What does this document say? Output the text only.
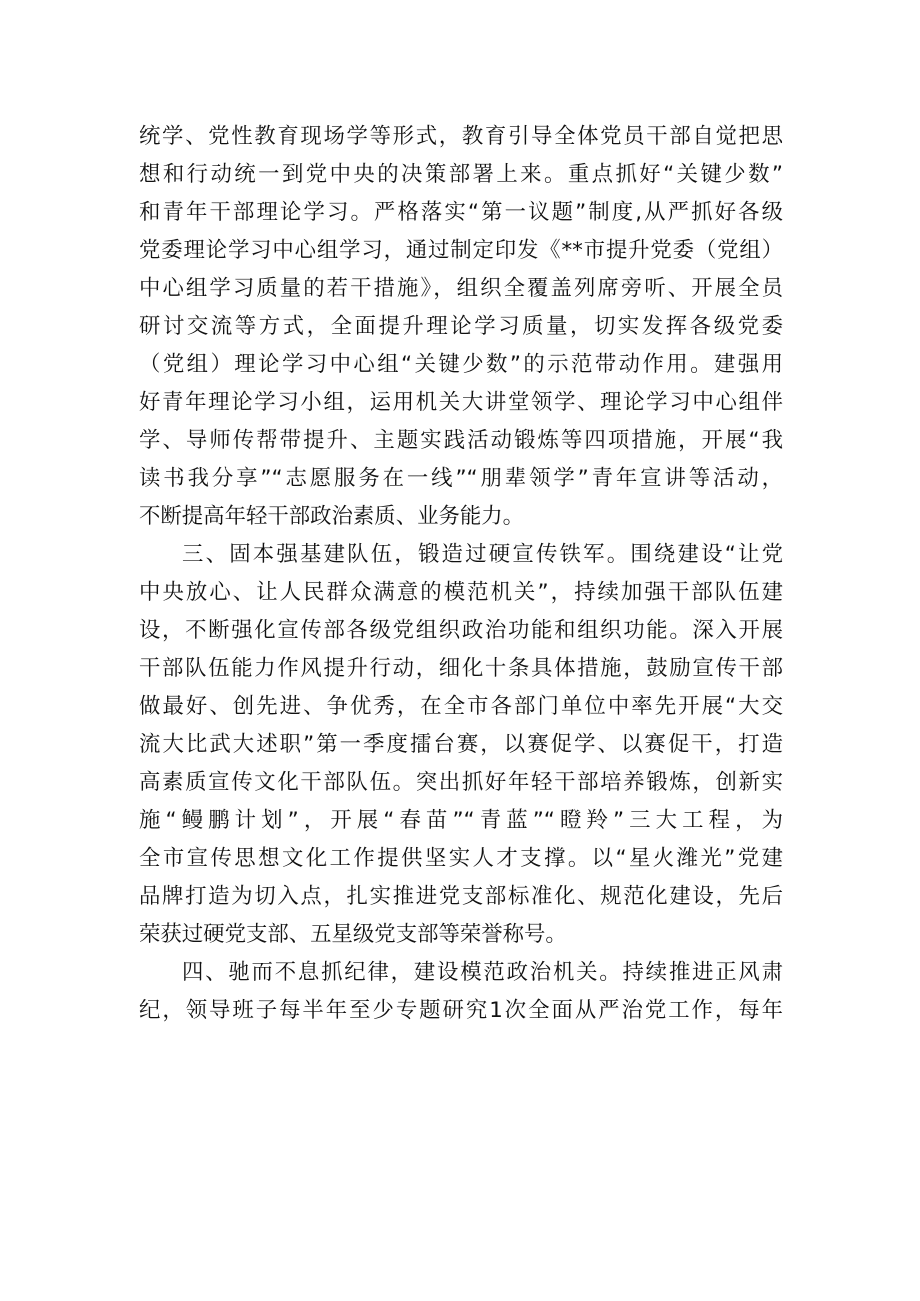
统学、党性教育现场学等形式，教育引导全体党员干部自觉把思
想和行动统一到党中央的决策部署上来。重点抓好“关键少数”
和青年干部理论学习。严格落实“第一议题”制度,从严抓好各级
党委理论学习中心组学习，通过制定印发《**市提升党委（党组）
中心组学习质量的若干措施》，组织全覆盖列席旁听、开展全员
研讨交流等方式，全面提升理论学习质量，切实发挥各级党委
（党组）理论学习中心组“关键少数”的示范带动作用。建强用
好青年理论学习小组，运用机关大讲堂领学、理论学习中心组伴
学、导师传帮带提升、主题实践活动锻炼等四项措施，开展“我
读书我分享”“志愿服务在一线”“朋辈领学”青年宣讲等活动，
不断提高年轻干部政治素质、业务能力。
三、固本强基建队伍，锻造过硬宣传铁军。围绕建设“让党
中央放心、让人民群众满意的模范机关”，持续加强干部队伍建
设，不断强化宣传部各级党组织政治功能和组织功能。深入开展
干部队伍能力作风提升行动，细化十条具体措施，鼓励宣传干部
做最好、创先进、争优秀，在全市各部门单位中率先开展“大交
流大比武大述职”第一季度擂台赛，以赛促学、以赛促干，打造
高素质宣传文化干部队伍。突出抓好年轻干部培养锻炼，创新实
施“鳗鹏计划”，开展“春苗”“青蓝”“瞪羚”三大工程，为
全市宣传思想文化工作提供坚实人才支撑。以“星火潍光”党建
品牌打造为切入点，扎实推进党支部标准化、规范化建设，先后
荣获过硬党支部、五星级党支部等荣誉称号。
四、驰而不息抓纪律，建设模范政治机关。持续推进正风肃
纪，领导班子每半年至少专题研究1次全面从严治党工作，每年
